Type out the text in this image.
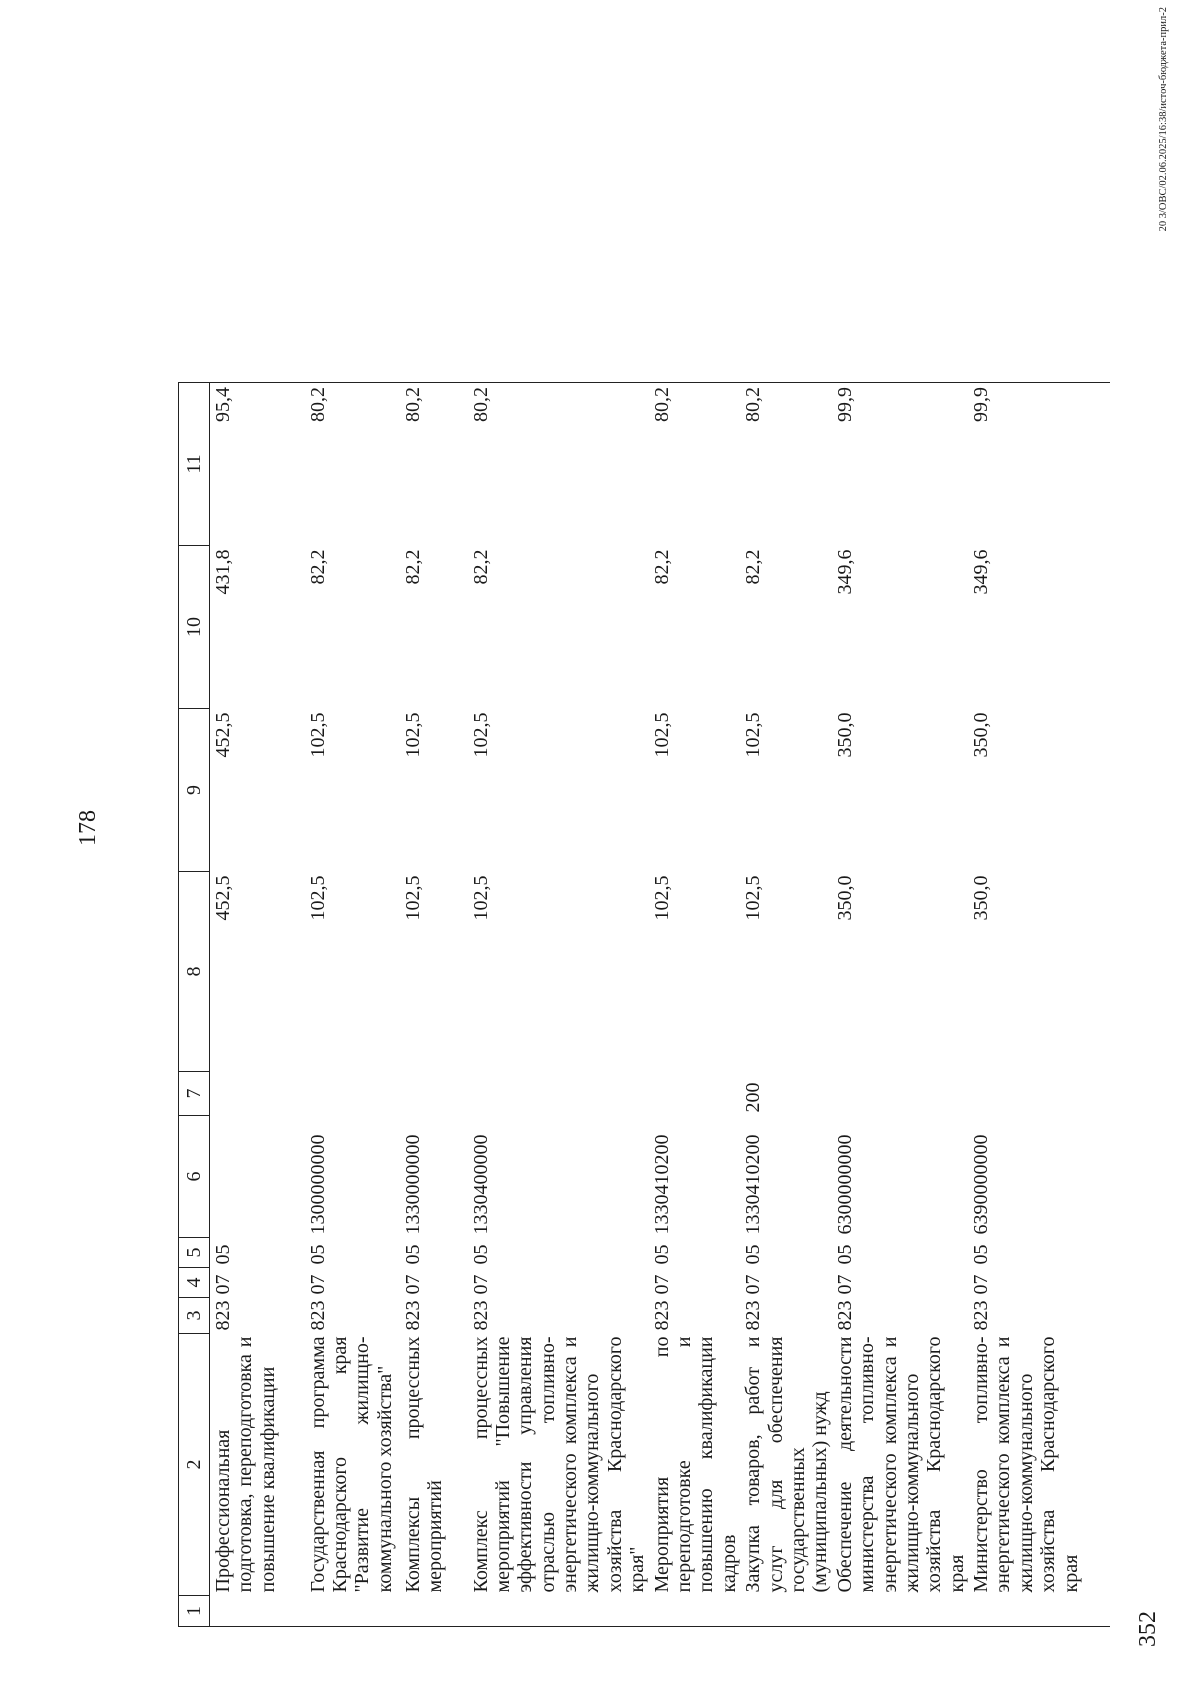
178
1	2	3	4	5	6	7	8	9	10	11
	Профессиональная подготовка, переподготовка и повышение квалификации	823	07	05			452,5	452,5	431,8	95,4
	Государственная программа Краснодарского края "Развитие жилищно-коммунального хозяйства"	823	07	05	1300000000		102,5	102,5	82,2	80,2
	Комплексы процессных мероприятий	823	07	05	1330000000		102,5	102,5	82,2	80,2
	Комплекс процессных мероприятий "Повышение эффективности управления отраслью топливно-энергетического комплекса и жилищно-коммунального хозяйства Краснодарского края"	823	07	05	1330400000		102,5	102,5	82,2	80,2
	Мероприятия по переподготовке и повышению квалификации кадров	823	07	05	1330410200		102,5	102,5	82,2	80,2
	Закупка товаров, работ и услуг для обеспечения государственных (муниципальных) нужд	823	07	05	1330410200	200	102,5	102,5	82,2	80,2
	Обеспечение деятельности министерства топливно-энергетического комплекса и жилищно-коммунального хозяйства Краснодарского края	823	07	05	6300000000		350,0	350,0	349,6	99,9
	Министерство топливно-энергетического комплекса и жилищно-коммунального хозяйства Краснодарского края	823	07	05	6390000000		350,0	350,0	349,6	99,9
20 3/ОВС/02.06.2025/16:38/источ-бюджета-прил-2
352
